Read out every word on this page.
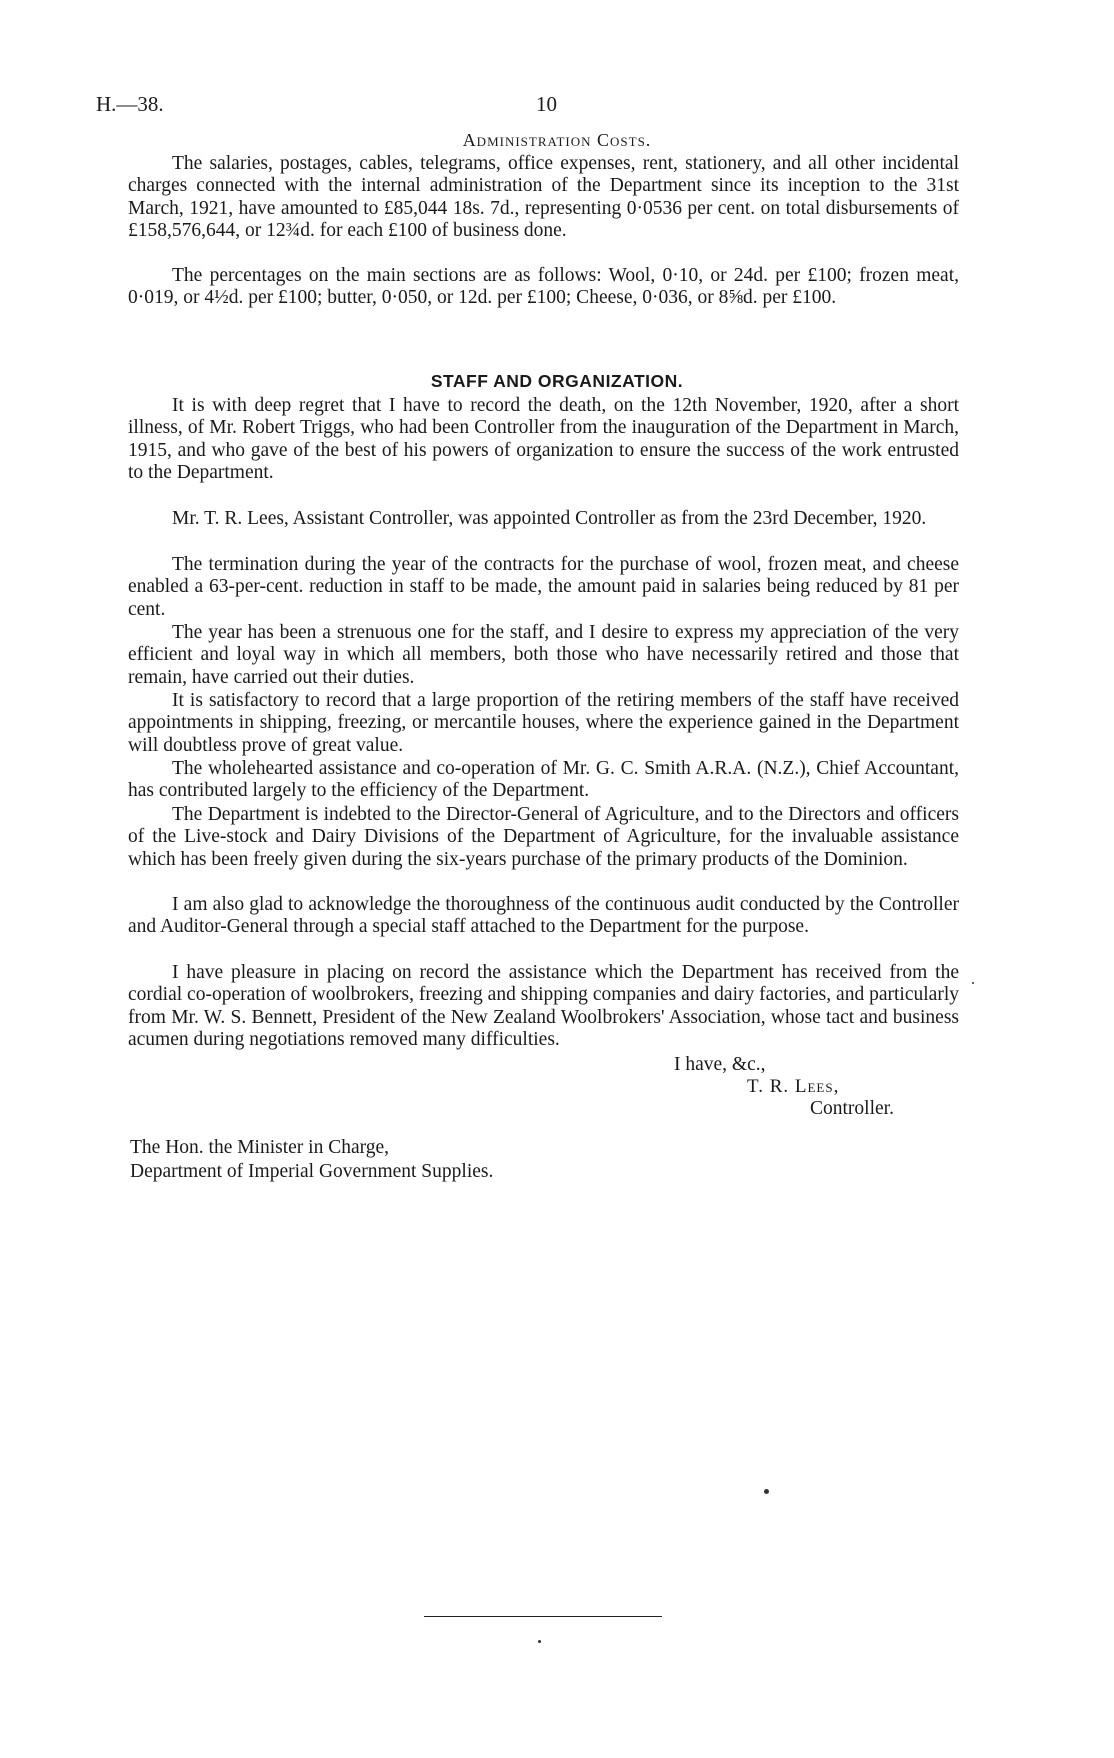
H.—38.	10
Administration Costs.

The salaries, postages, cables, telegrams, office expenses, rent, stationery, and all other incidental charges connected with the internal administration of the Department since its inception to the 31st March, 1921, have amounted to £85,044 18s. 7d., representing 0·0536 per cent. on total disbursements of £158,576,644, or 12¾d. for each £100 of business done.

The percentages on the main sections are as follows: Wool, 0·10, or 24d. per £100; frozen meat, 0·019, or 4½d. per £100; butter, 0·050, or 12d. per £100; Cheese, 0·036, or 8⅝d. per £100.

STAFF AND ORGANIZATION.

It is with deep regret that I have to record the death, on the 12th November, 1920, after a short illness, of Mr. Robert Triggs, who had been Controller from the inauguration of the Department in March, 1915, and who gave of the best of his powers of organization to ensure the success of the work entrusted to the Department.

Mr. T. R. Lees, Assistant Controller, was appointed Controller as from the 23rd December, 1920.

The termination during the year of the contracts for the purchase of wool, frozen meat, and cheese enabled a 63-per-cent. reduction in staff to be made, the amount paid in salaries being reduced by 81 per cent.

The year has been a strenuous one for the staff, and I desire to express my appreciation of the very efficient and loyal way in which all members, both those who have necessarily retired and those that remain, have carried out their duties.

It is satisfactory to record that a large proportion of the retiring members of the staff have received appointments in shipping, freezing, or mercantile houses, where the experience gained in the Department will doubtless prove of great value.

The wholehearted assistance and co-operation of Mr. G. C. Smith A.R.A. (N.Z.), Chief Accountant, has contributed largely to the efficiency of the Department.

The Department is indebted to the Director-General of Agriculture, and to the Directors and officers of the Live-stock and Dairy Divisions of the Department of Agriculture, for the invaluable assistance which has been freely given during the six-years purchase of the primary products of the Dominion.

I am also glad to acknowledge the thoroughness of the continuous audit conducted by the Controller and Auditor-General through a special staff attached to the Department for the purpose.

I have pleasure in placing on record the assistance which the Department has received from the cordial co-operation of woolbrokers, freezing and shipping companies and dairy factories, and particularly from Mr. W. S. Bennett, President of the New Zealand Woolbrokers' Association, whose tact and business acumen during negotiations removed many difficulties.

I have, &c.,
T. R. Lees,
Controller.
The Hon. the Minister in Charge,
Department of Imperial Government Supplies.
